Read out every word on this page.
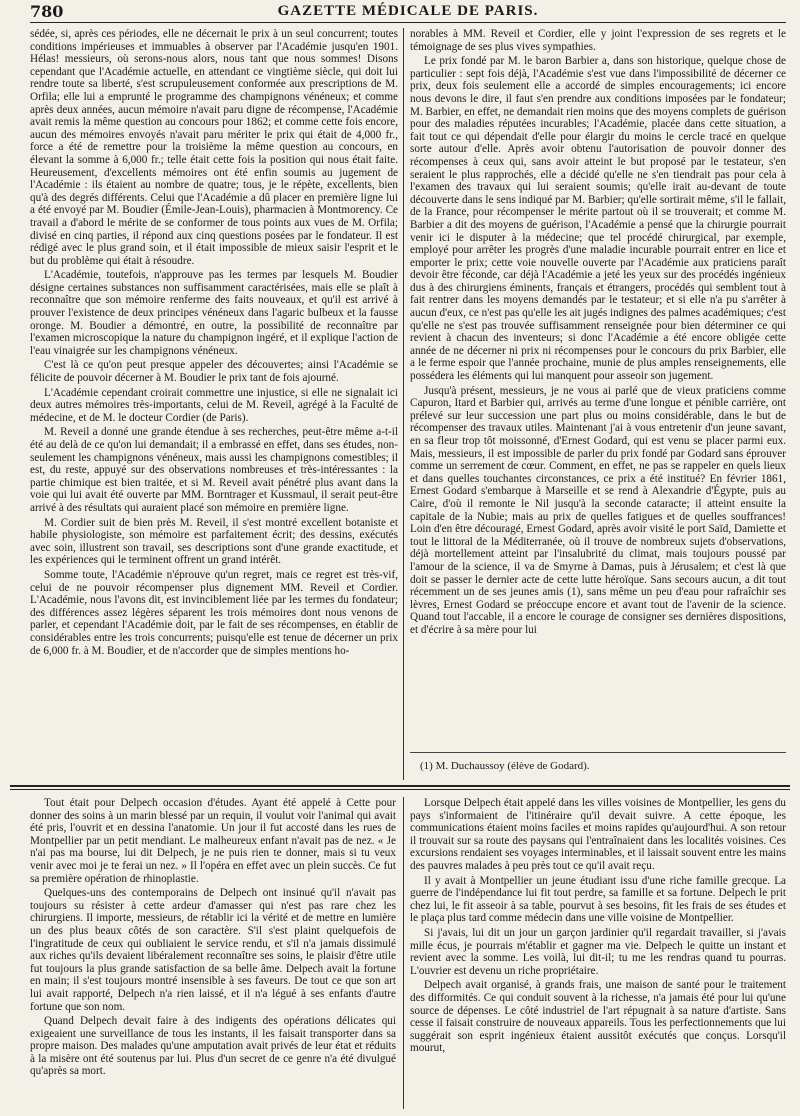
780	GAZETTE MÉDICALE DE PARIS.

sédée, si, après ces périodes, elle ne décernait le prix à un seul concurrent; toutes conditions impérieuses et immuables à observer par l'Académie jusqu'en 1901. Hélas! messieurs, où serons-nous alors, nous tant que nous sommes! Disons cependant que l'Académie actuelle, en attendant ce vingtième siècle, qui doit lui rendre toute sa liberté, s'est scrupuleusement conformée aux prescriptions de M. Orfila; elle lui a emprunté le programme des champignons vénéneux; et comme après deux années, aucun mémoire n'avait paru digne de récompense, l'Académie avait remis la même question au concours pour 1862; et comme cette fois encore, aucun des mémoires envoyés n'avait paru mériter le prix qui était de 4,000 fr., force a été de remettre pour la troisième la même question au concours, en élevant la somme à 6,000 fr.; telle était cette fois la position qui nous était faite. Heureusement, d'excellents mémoires ont été enfin soumis au jugement de l'Académie : ils étaient au nombre de quatre; tous, je le répète, excellents, bien qu'à des degrés différents. Celui que l'Académie a dû placer en première ligne lui a été envoyé par M. Boudier (Émile-Jean-Louis), pharmacien à Montmorency. Ce travail a d'abord le mérite de se conformer de tous points aux vues de M. Orfila; divisé en cinq parties, il répond aux cinq questions posées par le fondateur. Il est rédigé avec le plus grand soin, et il était impossible de mieux saisir l'esprit et le but du problème qui était à résoudre.

L'Académie, toutefois, n'approuve pas les termes par lesquels M. Boudier désigne certaines substances non suffisamment caractérisées, mais elle se plaît à reconnaître que son mémoire renferme des faits nouveaux, et qu'il est arrivé à prouver l'existence de deux principes vénéneux dans l'agaric bulbeux et la fausse oronge. M. Boudier a démontré, en outre, la possibilité de reconnaître par l'examen microscopique la nature du champignon ingéré, et il explique l'action de l'eau vinaigrée sur les champignons vénéneux.

C'est là ce qu'on peut presque appeler des découvertes; ainsi l'Académie se félicite de pouvoir décerner à M. Boudier le prix tant de fois ajourné.

L'Académie cependant croirait commettre une injustice, si elle ne signalait ici deux autres mémoires très-importants, celui de M. Reveil, agrégé à la Faculté de médecine, et de M. le docteur Cordier (de Paris).

M. Reveil a donné une grande étendue à ses recherches, peut-être même a-t-il été au delà de ce qu'on lui demandait; il a embrassé en effet, dans ses études, non-seulement les champignons vénéneux, mais aussi les champignons comestibles; il est, du reste, appuyé sur des observations nombreuses et très-intéressantes : la partie chimique est bien traitée, et si M. Reveil avait pénétré plus avant dans la voie qui lui avait été ouverte par MM. Borntrager et Kussmaul, il serait peut-être arrivé à des résultats qui auraient placé son mémoire en première ligne.

M. Cordier suit de bien près M. Reveil, il s'est montré excellent botaniste et habile physiologiste, son mémoire est parfaitement écrit; des dessins, exécutés avec soin, illustrent son travail, ses descriptions sont d'une grande exactitude, et les expériences qui le terminent offrent un grand intérêt.

Somme toute, l'Académie n'éprouve qu'un regret, mais ce regret est très-vif, celui de ne pouvoir récompenser plus dignement MM. Reveil et Cordier. L'Académie, nous l'avons dit, est invinciblement liée par les termes du fondateur; des différences assez légères séparent les trois mémoires dont nous venons de parler, et cependant l'Académie doit, par le fait de ses récompenses, en établir de considérables entre les trois concurrents; puisqu'elle est tenue de décerner un prix de 6,000 fr. à M. Boudier, et de n'accorder que de simples mentions ho-

norables à MM. Reveil et Cordier, elle y joint l'expression de ses regrets et le témoignage de ses plus vives sympathies.

Le prix fondé par M. le baron Barbier a, dans son historique, quelque chose de particulier : sept fois déjà, l'Académie s'est vue dans l'impossibilité de décerner ce prix, deux fois seulement elle a accordé de simples encouragements; ici encore nous devons le dire, il faut s'en prendre aux conditions imposées par le fondateur; M. Barbier, en effet, ne demandait rien moins que des moyens complets de guérison pour des maladies réputées incurables; l'Académie, placée dans cette situation, a fait tout ce qui dépendait d'elle pour élargir du moins le cercle tracé en quelque sorte autour d'elle. Après avoir obtenu l'autorisation de pouvoir donner des récompenses à ceux qui, sans avoir atteint le but proposé par le testateur, s'en seraient le plus rapprochés, elle a décidé qu'elle ne s'en tiendrait pas pour cela à l'examen des travaux qui lui seraient soumis; qu'elle irait au-devant de toute découverte dans le sens indiqué par M. Barbier; qu'elle sortirait même, s'il le fallait, de la France, pour récompenser le mérite partout où il se trouverait; et comme M. Barbier a dit des moyens de guérison, l'Académie a pensé que la chirurgie pourrait venir ici le disputer à la médecine; que tel procédé chirurgical, par exemple, employé pour arrêter les progrès d'une maladie incurable pourrait entrer en lice et emporter le prix; cette voie nouvelle ouverte par l'Académie aux praticiens paraît devoir être féconde, car déjà l'Académie a jeté les yeux sur des procédés ingénieux dus à des chirurgiens éminents, français et étrangers, procédés qui semblent tout à fait rentrer dans les moyens demandés par le testateur; et si elle n'a pu s'arrêter à aucun d'eux, ce n'est pas qu'elle les ait jugés indignes des palmes académiques; c'est qu'elle ne s'est pas trouvée suffisamment renseignée pour bien déterminer ce qui revient à chacun des inventeurs; si donc l'Académie a été encore obligée cette année de ne décerner ni prix ni récompenses pour le concours du prix Barbier, elle a le ferme espoir que l'année prochaine, munie de plus amples renseignements, elle possédera les éléments qui lui manquent pour asseoir son jugement.

Jusqu'à présent, messieurs, je ne vous ai parlé que de vieux praticiens comme Capuron, Itard et Barbier qui, arrivés au terme d'une longue et pénible carrière, ont prélevé sur leur succession une part plus ou moins considérable, dans le but de récompenser des travaux utiles. Maintenant j'ai à vous entretenir d'un jeune savant, en sa fleur trop tôt moissonné, d'Ernest Godard, qui est venu se placer parmi eux. Mais, messieurs, il est impossible de parler du prix fondé par Godard sans éprouver comme un serrement de cœur. Comment, en effet, ne pas se rappeler en quels lieux et dans quelles touchantes circonstances, ce prix a été institué? En février 1861, Ernest Godard s'embarque à Marseille et se rend à Alexandrie d'Égypte, puis au Caire, d'où il remonte le Nil jusqu'à la seconde cataracte; il atteint ensuite la capitale de la Nubie; mais au prix de quelles fatigues et de quelles souffrances! Loin d'en être découragé, Ernest Godard, après avoir visité le port Saïd, Damiette et tout le littoral de la Méditerranée, où il trouve de nombreux sujets d'observations, déjà mortellement atteint par l'insalubrité du climat, mais toujours poussé par l'amour de la science, il va de Smyrne à Damas, puis à Jérusalem; et c'est là que doit se passer le dernier acte de cette lutte héroïque. Sans secours aucun, a dit tout récemment un de ses jeunes amis (1), sans même un peu d'eau pour rafraîchir ses lèvres, Ernest Godard se préoccupe encore et avant tout de l'avenir de la science. Quand tout l'accable, il a encore le courage de consigner ses dernières dispositions, et d'écrire à sa mère pour lui

(1) M. Duchaussoy (élève de Godard).

Tout était pour Delpech occasion d'études. Ayant été appelé à Cette pour donner des soins à un marin blessé par un requin, il voulut voir l'animal qui avait été pris, l'ouvrit et en dessina l'anatomie. Un jour il fut accosté dans les rues de Montpellier par un petit mendiant. Le malheureux enfant n'avait pas de nez. « Je n'ai pas ma bourse, lui dit Delpech, je ne puis rien te donner, mais si tu veux venir avec moi je te ferai un nez. » Il l'opéra en effet avec un plein succès. Ce fut sa première opération de rhinoplastie.

Quelques-uns des contemporains de Delpech ont insinué qu'il n'avait pas toujours su résister à cette ardeur d'amasser qui n'est pas rare chez les chirurgiens. Il importe, messieurs, de rétablir ici la vérité et de mettre en lumière un des plus beaux côtés de son caractère. S'il s'est plaint quelquefois de l'ingratitude de ceux qui oubliaient le service rendu, et s'il n'a jamais dissimulé aux riches qu'ils devaient libéralement reconnaître ses soins, le plaisir d'être utile fut toujours la plus grande satisfaction de sa belle âme. Delpech avait la fortune en main; il s'est toujours montré insensible à ses faveurs. De tout ce que son art lui avait rapporté, Delpech n'a rien laissé, et il n'a légué à ses enfants d'autre fortune que son nom.

Quand Delpech devait faire à des indigents des opérations délicates qui exigeaient une surveillance de tous les instants, il les faisait transporter dans sa propre maison. Des malades qu'une amputation avait privés de leur état et réduits à la misère ont été soutenus par lui. Plus d'un secret de ce genre n'a été divulgué qu'après sa mort.

Lorsque Delpech était appelé dans les villes voisines de Montpellier, les gens du pays s'informaient de l'itinéraire qu'il devait suivre. A cette époque, les communications étaient moins faciles et moins rapides qu'aujourd'hui. A son retour il trouvait sur sa route des paysans qui l'entraînaient dans les localités voisines. Ces excursions rendaient ses voyages interminables, et il laissait souvent entre les mains des pauvres malades à peu près tout ce qu'il avait reçu.

Il y avait à Montpellier un jeune étudiant issu d'une riche famille grecque. La guerre de l'indépendance lui fit tout perdre, sa famille et sa fortune. Delpech le prit chez lui, le fit asseoir à sa table, pourvut à ses besoins, fit les frais de ses études et le plaça plus tard comme médecin dans une ville voisine de Montpellier.

Si j'avais, lui dit un jour un garçon jardinier qu'il regardait travailler, si j'avais mille écus, je pourrais m'établir et gagner ma vie. Delpech le quitte un instant et revient avec la somme. Les voilà, lui dit-il; tu me les rendras quand tu pourras. L'ouvrier est devenu un riche propriétaire.

Delpech avait organisé, à grands frais, une maison de santé pour le traitement des difformités. Ce qui conduit souvent à la richesse, n'a jamais été pour lui qu'une source de dépenses. Le côté industriel de l'art répugnait à sa nature d'artiste. Sans cesse il faisait construire de nouveaux appareils. Tous les perfectionnements que lui suggérait son esprit ingénieux étaient aussitôt exécutés que conçus. Lorsqu'il mourut,
